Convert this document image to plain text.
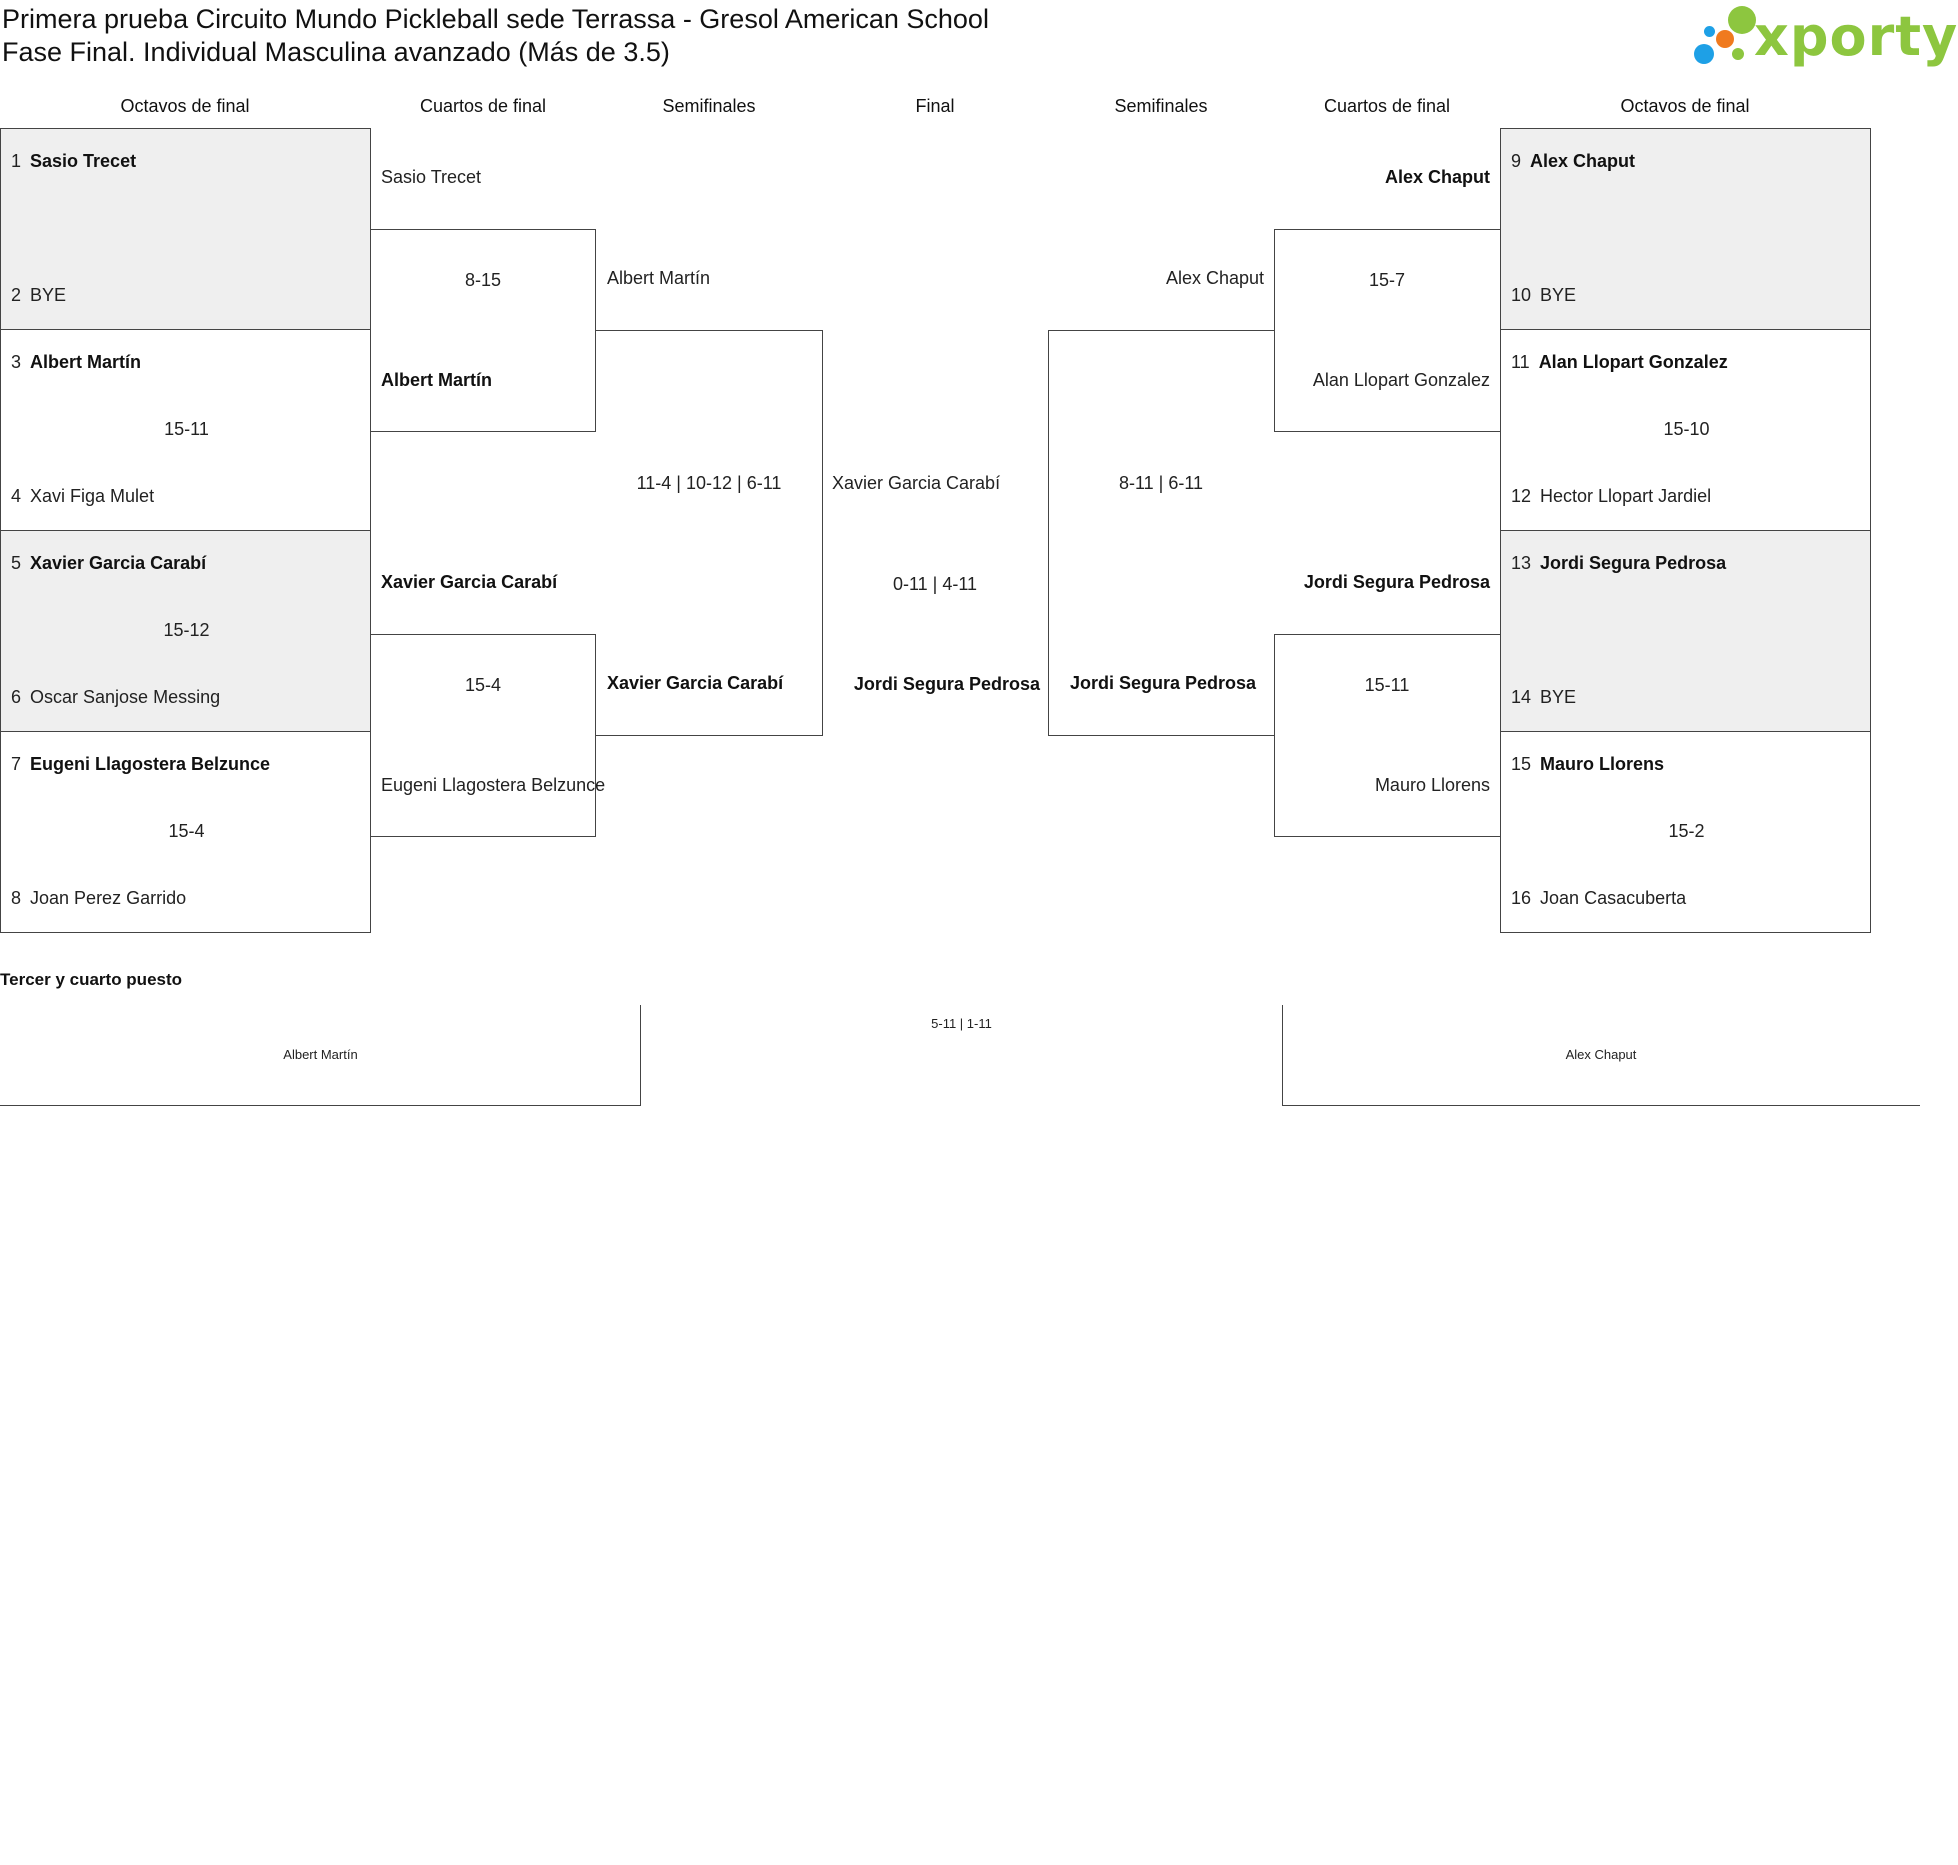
Primera prueba Circuito Mundo Pickleball sede Terrassa - Gresol American School
Fase Final. Individual Masculina avanzado (Más de 3.5)	xporty
Octavos de final	Cuartos de final	Semifinales	Final	Semifinales	Cuartos de final	Octavos de final
1 Sasio Trecet
2 BYE
3 Albert Martín
15-11
4 Xavi Figa Mulet
5 Xavier Garcia Carabí
15-12
6 Oscar Sanjose Messing
7 Eugeni Llagostera Belzunce
15-4
8 Joan Perez Garrido
Sasio Trecet
8-15
Albert Martín
Xavier Garcia Carabí
15-4
Eugeni Llagostera Belzunce
Albert Martín
11-4 | 10-12 | 6-11
Xavier Garcia Carabí
Xavier Garcia Carabí
0-11 | 4-11
Jordi Segura Pedrosa
Alex Chaput
8-11 | 6-11
Jordi Segura Pedrosa
Alex Chaput
15-7
Alan Llopart Gonzalez
Jordi Segura Pedrosa
15-11
Mauro Llorens
9 Alex Chaput
10 BYE
11 Alan Llopart Gonzalez
15-10
12 Hector Llopart Jardiel
13 Jordi Segura Pedrosa
14 BYE
15 Mauro Llorens
15-2
16 Joan Casacuberta
Tercer y cuarto puesto
Albert Martín
5-11 | 1-11
Alex Chaput
